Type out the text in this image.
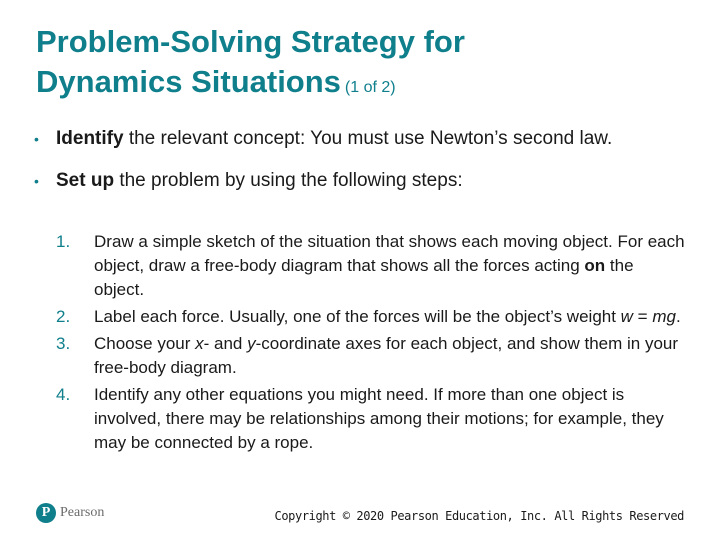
Problem-Solving Strategy for
Dynamics Situations (1 of 2)
• Identify the relevant concept: You must use Newton’s second law.
• Set up the problem by using the following steps:
1. Draw a simple sketch of the situation that shows each moving object. For each object, draw a free-body diagram that shows all the forces acting on the object.
2. Label each force. Usually, one of the forces will be the object’s weight w = mg.
3. Choose your x- and y-coordinate axes for each object, and show them in your free-body diagram.
4. Identify any other equations you might need. If more than one object is involved, there may be relationships among their motions; for example, they may be connected by a rope.
P Pearson	Copyright © 2020 Pearson Education, Inc. All Rights Reserved
